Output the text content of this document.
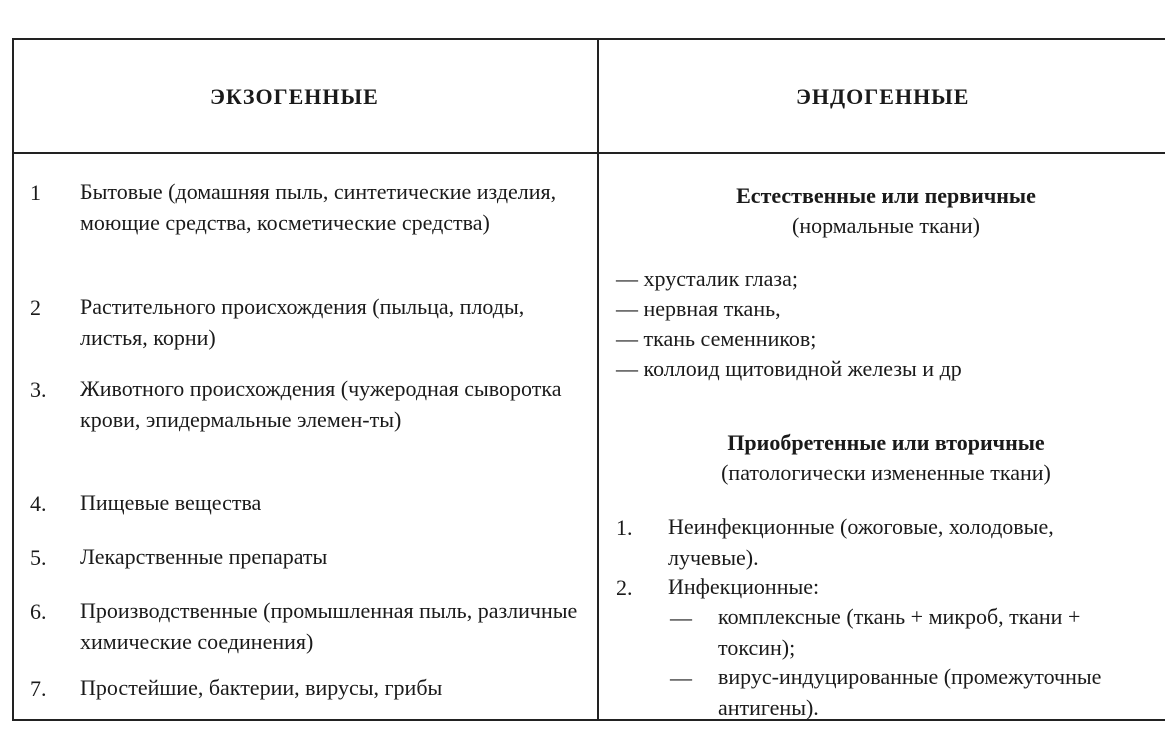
ЭКЗОГЕННЫЕ	ЭНДОГЕННЫЕ
1 Бытовые (домашняя пыль, синтетические изделия, моющие средства, косметические средства)
2 Растительного происхождения (пыльца, плоды, листья, корни)
3. Животного происхождения (чужеродная сыворотка крови, эпидермальные элемен-ты)
4. Пищевые вещества
5. Лекарственные препараты
6. Производственные (промышленная пыль, различные химические соединения)
7. Простейшие, бактерии, вирусы, грибы
Естественные или первичные
(нормальные ткани)
— хрусталик глаза;
— нервная ткань,
— ткань семенников;
— коллоид щитовидной железы и др
Приобретенные или вторичные
(патологически измененные ткани)
1. Неинфекционные (ожоговые, холодовые, лучевые).
2. Инфекционные:
— комплексные (ткань + микроб, ткани + токсин);
— вирус-индуцированные (промежуточные антигены).
